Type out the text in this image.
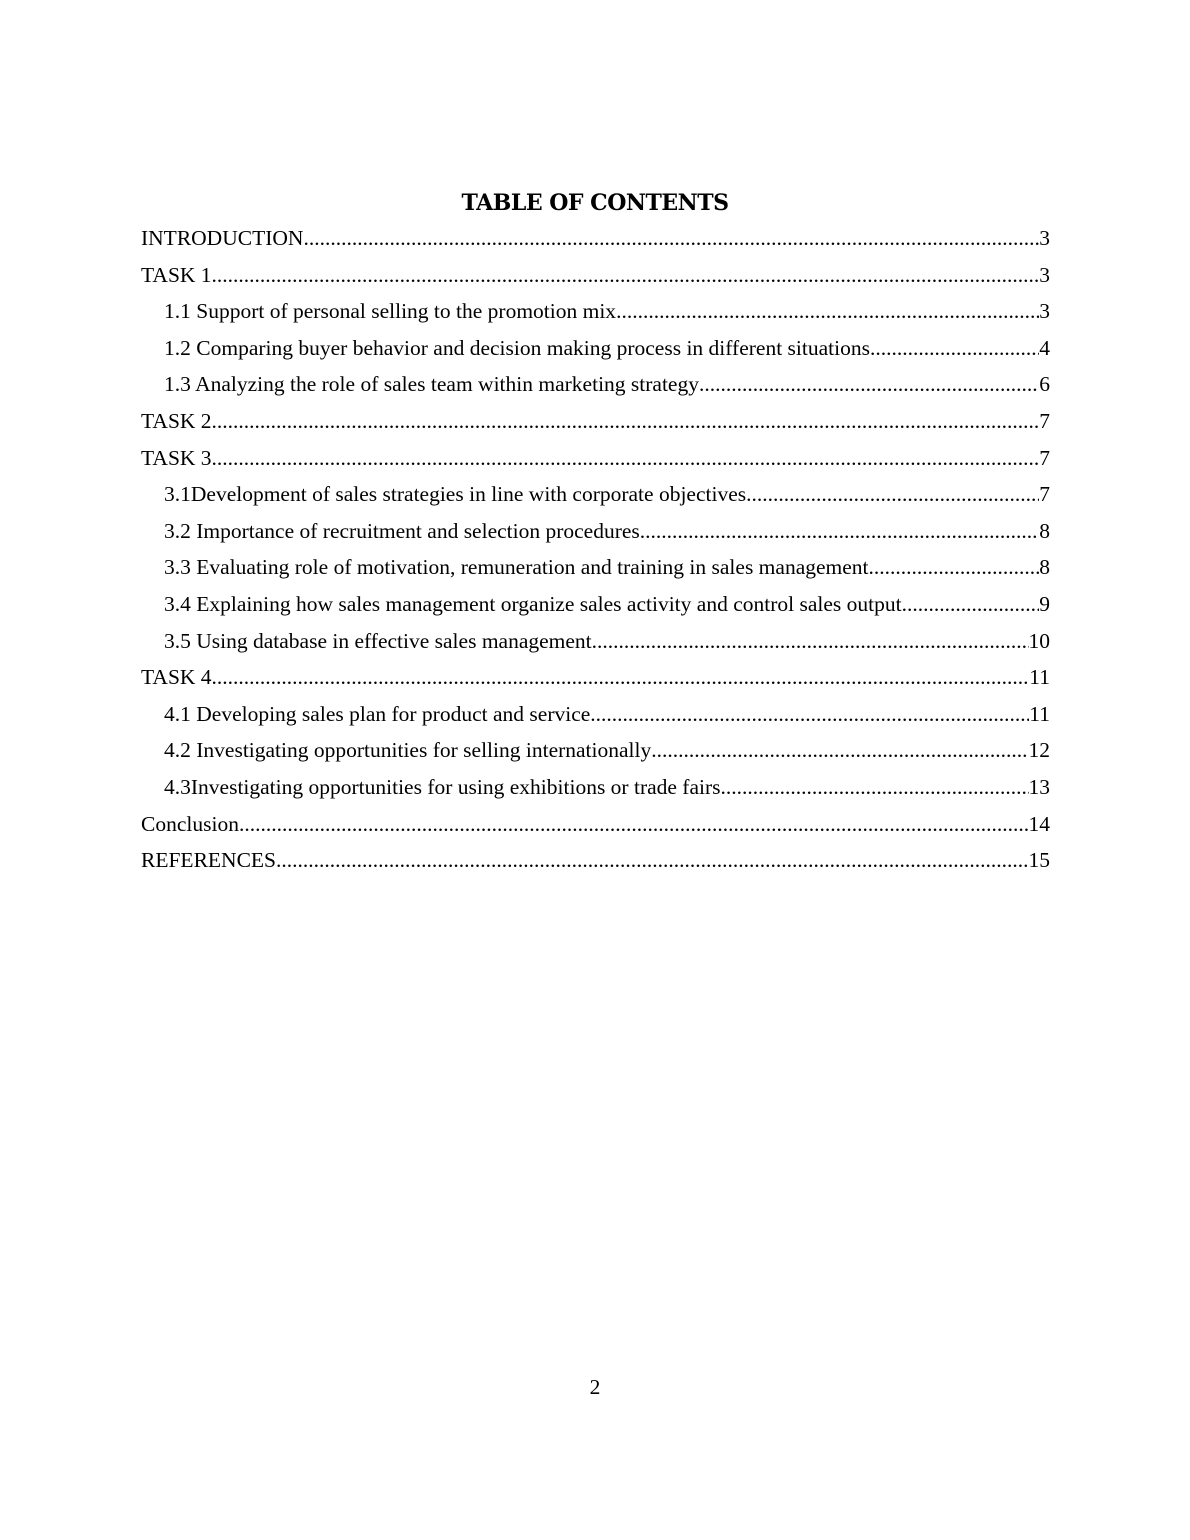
TABLE OF CONTENTS
INTRODUCTION .....	3
TASK 1 .....	3
1.1 Support of personal selling to the promotion mix .....	3
1.2 Comparing buyer behavior and decision making process in different situations .....	4
1.3 Analyzing the role of sales team within marketing strategy .....	6
TASK 2 .....	7
TASK 3 .....	7
3.1Development of sales strategies in line with corporate objectives .....	7
3.2 Importance of recruitment and selection procedures .....	8
3.3 Evaluating role of motivation, remuneration and training in sales management .....	8
3.4 Explaining how sales management organize sales activity and control sales output .....	9
3.5 Using database in effective sales management .....	10
TASK 4 .....	11
4.1 Developing sales plan for product and service .....	11
4.2 Investigating opportunities for selling internationally .....	12
4.3Investigating opportunities for using exhibitions or trade fairs .....	13
Conclusion .....	14
REFERENCES .....	15
2
